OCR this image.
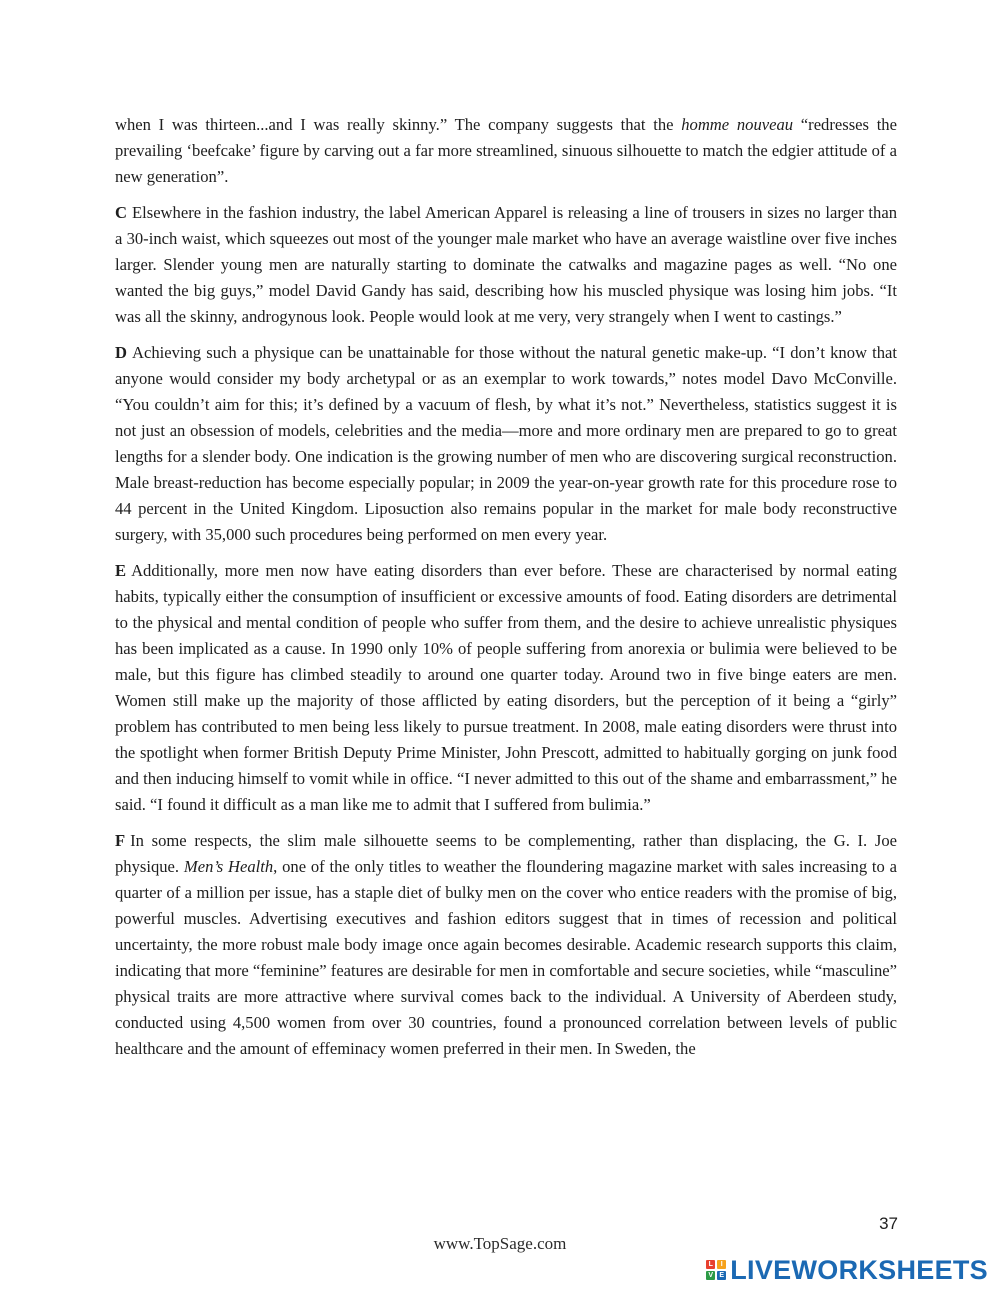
when I was thirteen...and I was really skinny.” The company suggests that the homme nouveau “redresses the prevailing ‘beefcake’ figure by carving out a far more streamlined, sinuous silhouette to match the edgier attitude of a new generation”.

C Elsewhere in the fashion industry, the label American Apparel is releasing a line of trousers in sizes no larger than a 30-inch waist, which squeezes out most of the younger male market who have an average waistline over five inches larger. Slender young men are naturally starting to dominate the catwalks and magazine pages as well. “No one wanted the big guys,” model David Gandy has said, describing how his muscled physique was losing him jobs. “It was all the skinny, androgynous look. People would look at me very, very strangely when I went to castings.”

D Achieving such a physique can be unattainable for those without the natural genetic make-up. “I don’t know that anyone would consider my body archetypal or as an exemplar to work towards,” notes model Davo McConville. “You couldn’t aim for this; it’s defined by a vacuum of flesh, by what it’s not.” Nevertheless, statistics suggest it is not just an obsession of models, celebrities and the media—more and more ordinary men are prepared to go to great lengths for a slender body. One indication is the growing number of men who are discovering surgical reconstruction. Male breast-reduction has become especially popular; in 2009 the year-on-year growth rate for this procedure rose to 44 percent in the United Kingdom. Liposuction also remains popular in the market for male body reconstructive surgery, with 35,000 such procedures being performed on men every year.

E Additionally, more men now have eating disorders than ever before. These are characterised by normal eating habits, typically either the consumption of insufficient or excessive amounts of food. Eating disorders are detrimental to the physical and mental condition of people who suffer from them, and the desire to achieve unrealistic physiques has been implicated as a cause. In 1990 only 10% of people suffering from anorexia or bulimia were believed to be male, but this figure has climbed steadily to around one quarter today. Around two in five binge eaters are men. Women still make up the majority of those afflicted by eating disorders, but the perception of it being a “girly” problem has contributed to men being less likely to pursue treatment. In 2008, male eating disorders were thrust into the spotlight when former British Deputy Prime Minister, John Prescott, admitted to habitually gorging on junk food and then inducing himself to vomit while in office. “I never admitted to this out of the shame and embarrassment,” he said. “I found it difficult as a man like me to admit that I suffered from bulimia.”

F In some respects, the slim male silhouette seems to be complementing, rather than displacing, the G. I. Joe physique. Men’s Health, one of the only titles to weather the floundering magazine market with sales increasing to a quarter of a million per issue, has a staple diet of bulky men on the cover who entice readers with the promise of big, powerful muscles. Advertising executives and fashion editors suggest that in times of recession and political uncertainty, the more robust male body image once again becomes desirable. Academic research supports this claim, indicating that more “feminine” features are desirable for men in comfortable and secure societies, while “masculine” physical traits are more attractive where survival comes back to the individual. A University of Aberdeen study, conducted using 4,500 women from over 30 countries, found a pronounced correlation between levels of public healthcare and the amount of effeminacy women preferred in their men. In Sweden, the

37
www.TopSage.com
L	I
V E LIVEWORKSHEETS
